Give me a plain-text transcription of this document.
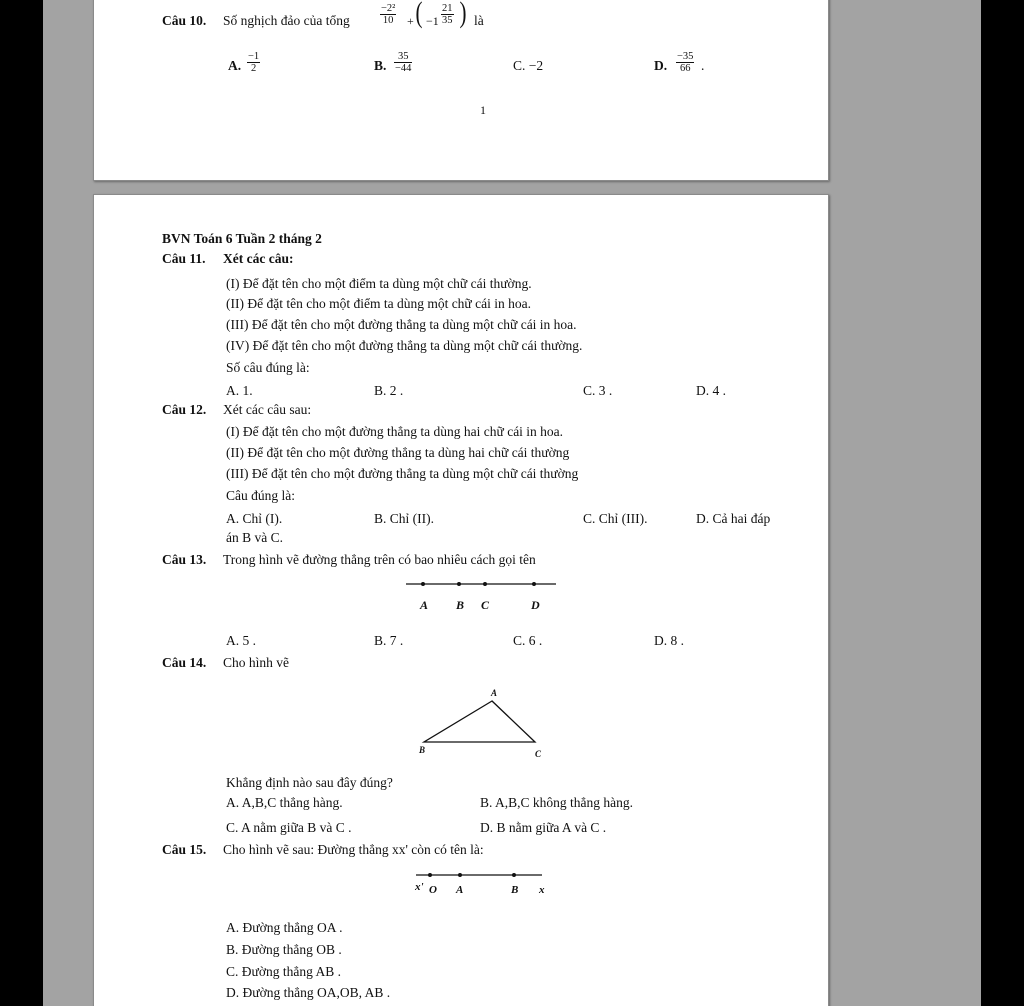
Câu 10. Số nghịch đảo của tổng	$\frac{\text{−2²}}{10}$ + ( $-1 \frac{21}{35}$ ) là
A. $\frac{-1}{2}$	B. $\frac{35}{-44}$	C. −2	D. $\frac{-35}{66}$ .
1
BVN Toán 6 Tuần 2 tháng 2
Câu 11. Xét các câu:
(I) Để đặt tên cho một điểm ta dùng một chữ cái thường.
(II) Để đặt tên cho một điểm ta dùng một chữ cái in hoa.
(III) Để đặt tên cho một đường thẳng ta dùng một chữ cái in hoa.
(IV) Để đặt tên cho một đường thẳng ta dùng một chữ cái thường.
Số câu đúng là:
A. 1.	B. 2 .	C. 3 .	D. 4 .
Câu 12. Xét các câu sau:
(I) Để đặt tên cho một đường thẳng ta dùng hai chữ cái in hoa.
(II) Để đặt tên cho một đường thẳng ta dùng hai chữ cái thường
(III) Để đặt tên cho một đường thẳng ta dùng một chữ cái thường
Câu đúng là:
A. Chỉ (I).	B. Chỉ (II).	C. Chỉ (III).	D. Cả hai đáp
án B và C.
Câu 13. Trong hình vẽ đường thẳng trên có bao nhiêu cách gọi tên
A B C	D
A. 5 .	B. 7 .	C. 6 .	D. 8 .
Câu 14. Cho hình vẽ
A
B	C
Khẳng định nào sau đây đúng?
A. A,B,C thẳng hàng.	B. A,B,C không thẳng hàng.
C. A nằm giữa B và C .	D. B nằm giữa A và C .
Câu 15. Cho hình vẽ sau: Đường thẳng xx' còn có tên là:
x' O A	B x
A. Đường thẳng OA .
B. Đường thẳng OB .
C. Đường thẳng AB .
D. Đường thẳng OA,OB, AB .
